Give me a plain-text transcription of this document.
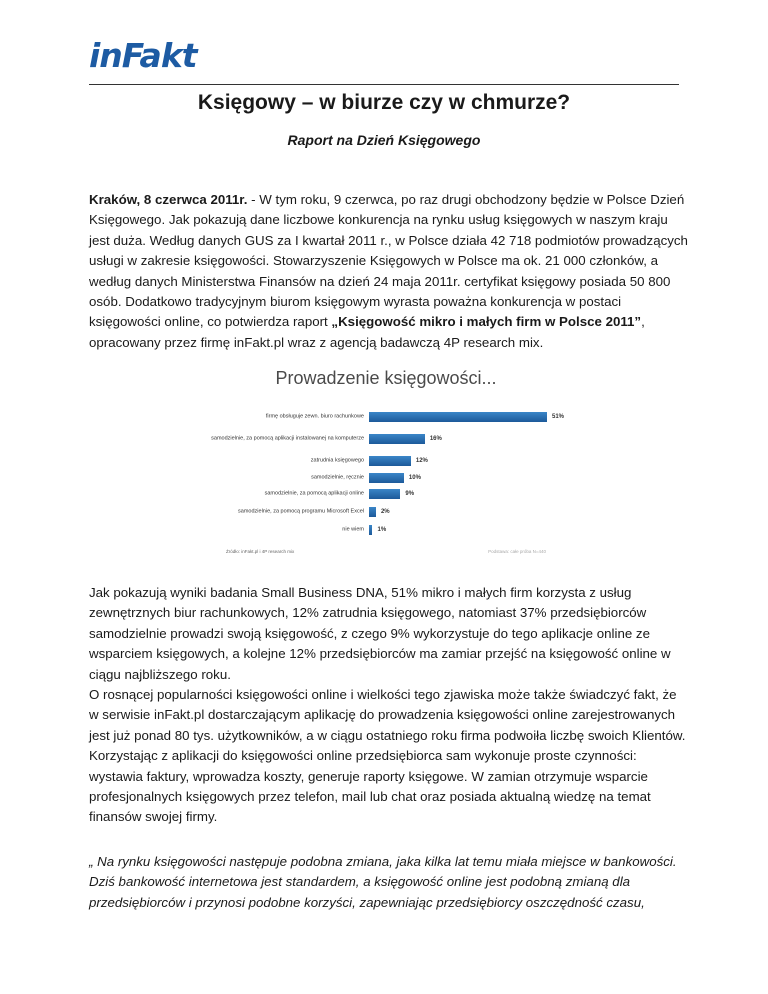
inFakt
Księgowy – w biurze czy w chmurze?
Raport na Dzień Księgowego

Kraków, 8 czerwca 2011r. - W tym roku, 9 czerwca, po raz drugi obchodzony będzie w Polsce Dzień Księgowego. Jak pokazują dane liczbowe konkurencja na rynku usług księgowych w naszym kraju jest duża. Według danych GUS za I kwartał 2011 r., w Polsce działa 42 718 podmiotów prowadzących usługi w zakresie księgowości. Stowarzyszenie Księgowych w Polsce ma ok. 21 000 członków, a według danych Ministerstwa Finansów na dzień 24 maja 2011r. certyfikat księgowy posiada 50 800 osób. Dodatkowo tradycyjnym biurom księgowym wyrasta poważna konkurencja w postaci księgowości online, co potwierdza raport „Księgowość mikro i małych firm w Polsce 2011”, opracowany przez firmę inFakt.pl wraz z agencją badawczą 4P research mix.

Prowadzenie księgowości...
firmę obsługuje zewn. biuro rachunkowe	51%
samodzielnie, za pomocą aplikacji instalowanej na komputerze	16%
zatrudnia księgowego	12%
samodzielnie, ręcznie	10%
samodzielnie, za pomocą aplikacji online	9%
samodzielnie, za pomocą programu Microsoft Excel	2%
nie wiem 1%
Źródło: inFakt.pl i 4P research mix	Podstawa: całe próba N=440

Jak pokazują wyniki badania Small Business DNA, 51% mikro i małych firm korzysta z usług zewnętrznych biur rachunkowych, 12% zatrudnia księgowego, natomiast 37% przedsiębiorców samodzielnie prowadzi swoją księgowość, z czego 9% wykorzystuje do tego aplikacje online ze wsparciem księgowych, a kolejne 12% przedsiębiorców ma zamiar przejść na księgowość online w ciągu najbliższego roku.

O rosnącej popularności księgowości online i wielkości tego zjawiska może także świadczyć fakt, że w serwisie inFakt.pl dostarczającym aplikację do prowadzenia księgowości online zarejestrowanych jest już ponad 80 tys. użytkowników, a w ciągu ostatniego roku firma podwoiła liczbę swoich Klientów.
Korzystając z aplikacji do księgowości online przedsiębiorca sam wykonuje proste czynności: wystawia faktury, wprowadza koszty, generuje raporty księgowe. W zamian otrzymuje wsparcie profesjonalnych księgowych przez telefon, mail lub chat oraz posiada aktualną wiedzę na temat finansów swojej firmy.

„ Na rynku księgowości następuje podobna zmiana, jaka kilka lat temu miała miejsce w bankowości. Dziś bankowość internetowa jest standardem, a księgowość online jest podobną zmianą dla przedsiębiorców i przynosi podobne korzyści, zapewniając przedsiębiorcy oszczędność czasu,
